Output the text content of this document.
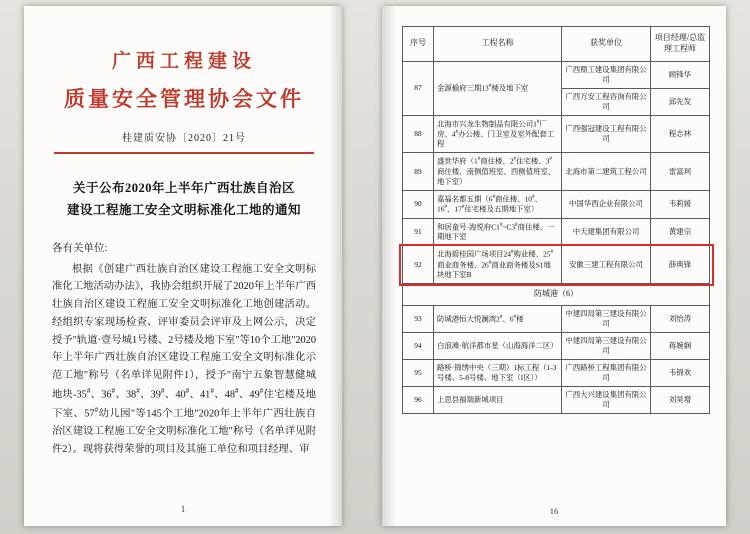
广西工程建设
质量安全管理协会文件
桂建质安协〔2020〕21号
关于公布2020年上半年广西壮族自治区
建设工程施工安全文明标准化工地的通知
各有关单位:

根据《创建广西壮族自治区建设工程施工安全文明标准化工地活动办法》，我协会组织开展了2020年上半年广西壮族自治区建设工程施工安全文明标准化工地创建活动。经组织专家现场检查、评审委员会评审及上网公示，决定授予"轨道·壹号城1号楼、2号楼及地下室"等10个工地"2020年上半年广西壮族自治区建设工程施工安全文明标准化示范工地"称号（名单详见附件1），授予"南宁五象智慧健城地块-35#、36#、38#、39#、40#、41#、48#、49#住宅楼及地下室、57#幼儿园"等145个工地"2020年上半年广西壮族自治区建设工程施工安全文明标准化工地"称号（名单详见附件2）。现将获得荣誉的项目及其施工单位和项目经理、审

1
序号	工程名称	获奖单位	项目经理/总监理工程师
87	金源榆府三期13#楼及地下室	广西鼎工建设集团有限公司	顾锋华
		广西万安工程咨询有限公司	邱先发
88	北海市兴龙生物制品有限公司1#厂房、4#办公楼、门卫室及室外配套工程	广西强冠建设工程有限公司	程志林
89	盛世华府（1#商住楼、2#住宅楼、3#商住楼、南侧值班室、西侧值班室、地下室）	北海市第二建筑工程公司	雷富珂
90	嘉福名都五期（6#商住楼、10#、16#、17#住宅楼及五期地下室）	中国华西企业有限公司	韦莉媛
91	和居童号·海悦府C1#~C3#商住楼、一期地下室	中天建集团有限公司	黄建宗
92	北海碧桂园广场项目24#购业楼、25#商业商务楼、26#商业商务楼及S1地块地下室B	安徽三建工程有限公司	薛典锋
防城港（6）			
93	防城港恒大悦澜湾2#、6#楼	中建四局第三建设有限公司	刘怡涛
94	白浪滩·航洋都市星（山海海洋二区）	中建四局第三建设有限公司	蒋婉娴
95	路桥·锦绣中央（三期）1标工程（1-3号楼、5-8号楼、地下室（I区））	广西路桥工程集团有限公司	韦锦欢
96	上思县福瑞新城项目	广西大兴建设集团有限公司	刘昊增
16
